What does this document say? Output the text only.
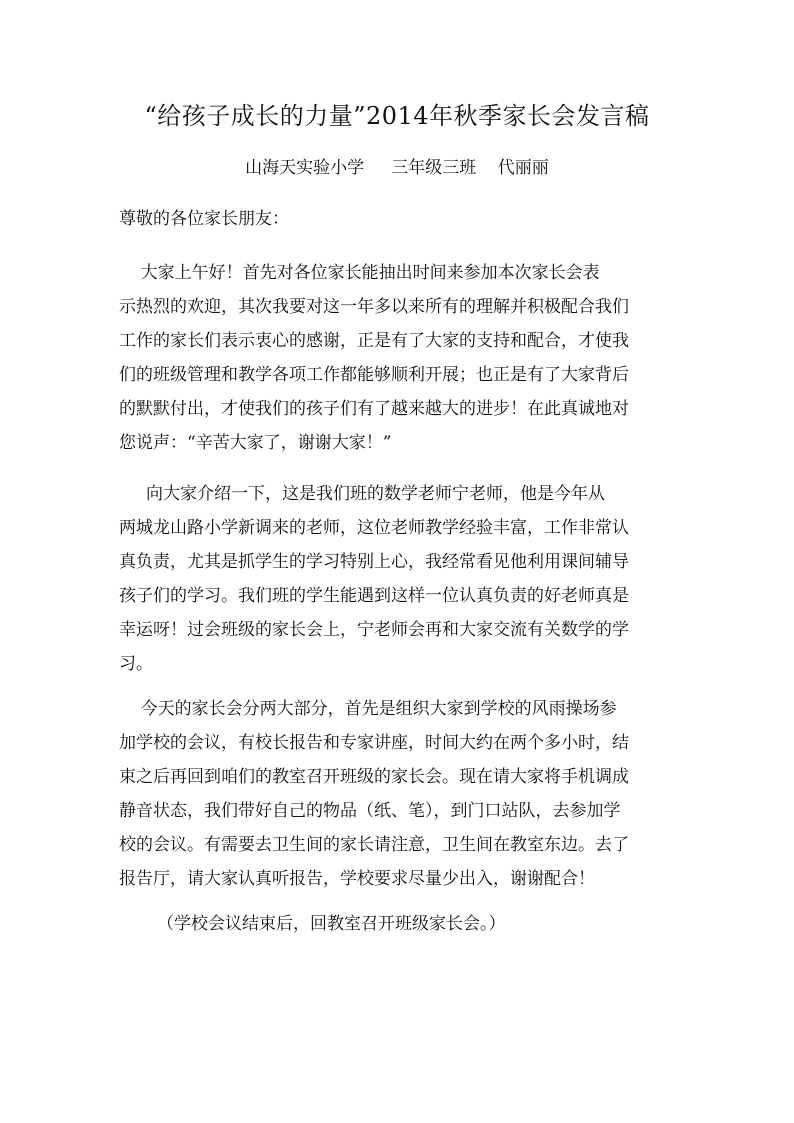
“给孩子成长的力量”2014年秋季家长会发言稿
山海天实验小学     三年级三班    代丽丽
尊敬的各位家长朋友：
大家上午好！首先对各位家长能抽出时间来参加本次家长会表
示热烈的欢迎，其次我要对这一年多以来所有的理解并积极配合我们
工作的家长们表示衷心的感谢，正是有了大家的支持和配合，才使我
们的班级管理和教学各项工作都能够顺利开展；也正是有了大家背后
的默默付出，才使我们的孩子们有了越来越大的进步！在此真诚地对
您说声：“辛苦大家了，谢谢大家！”
向大家介绍一下，这是我们班的数学老师宁老师，他是今年从
两城龙山路小学新调来的老师，这位老师教学经验丰富，工作非常认
真负责，尤其是抓学生的学习特别上心，我经常看见他利用课间辅导
孩子们的学习。我们班的学生能遇到这样一位认真负责的好老师真是
幸运呀！过会班级的家长会上，宁老师会再和大家交流有关数学的学
习。
今天的家长会分两大部分，首先是组织大家到学校的风雨操场参
加学校的会议，有校长报告和专家讲座，时间大约在两个多小时，结
束之后再回到咱们的教室召开班级的家长会。现在请大家将手机调成
静音状态，我们带好自己的物品（纸、笔），到门口站队，去参加学
校的会议。有需要去卫生间的家长请注意，卫生间在教室东边。去了
报告厅，请大家认真听报告，学校要求尽量少出入，谢谢配合！
（学校会议结束后，回教室召开班级家长会。）
